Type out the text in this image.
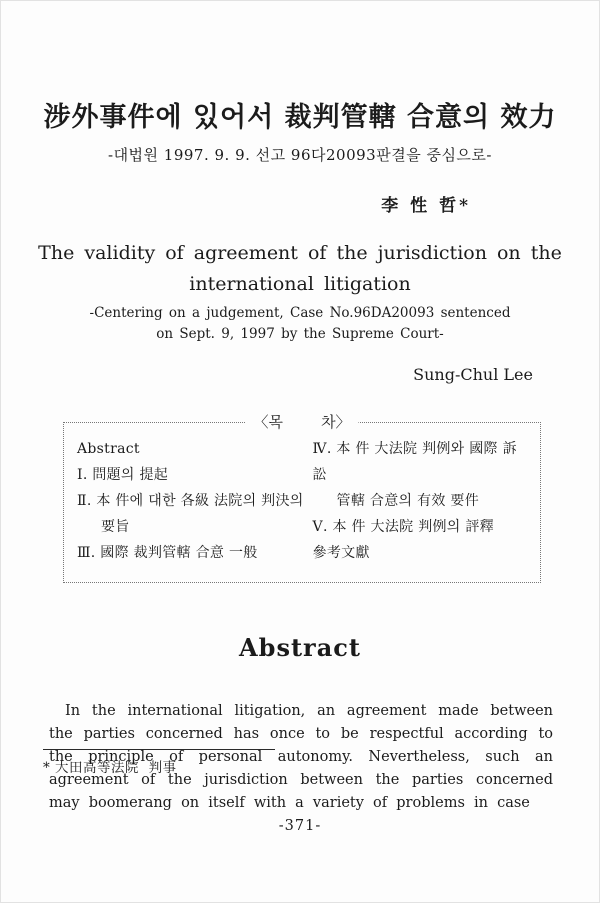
涉外事件에 있어서 裁判管轄 合意의 效力
-대법원 1997. 9. 9. 선고 96다20093판결을 중심으로-
李 性 哲*
The validity of agreement of the jurisdiction on the
international litigation
-Centering on a judgement, Case No.96DA20093 sentenced
on Sept. 9, 1997 by the Supreme Court-
Sung-Chul Lee
〈목        차〉
Abstract
Ⅰ. 問題의 提起
Ⅱ. 本 件에 대한 各級 法院의 判決의
要旨
Ⅲ. 國際 裁判管轄 合意 一般
Ⅳ. 本 件 大法院 判例와 國際 訴訟
管轄 合意의 有效 要件
Ⅴ. 本 件 大法院 判例의 評釋
參考文獻
Abstract
In the international litigation, an agreement made between the parties concerned has once to be respectful according to the principle of personal autonomy. Nevertheless, such an agreement of the jurisdiction between the parties concerned may boomerang on itself with a variety of problems in case
* 大田高等法院  判事
-371-
